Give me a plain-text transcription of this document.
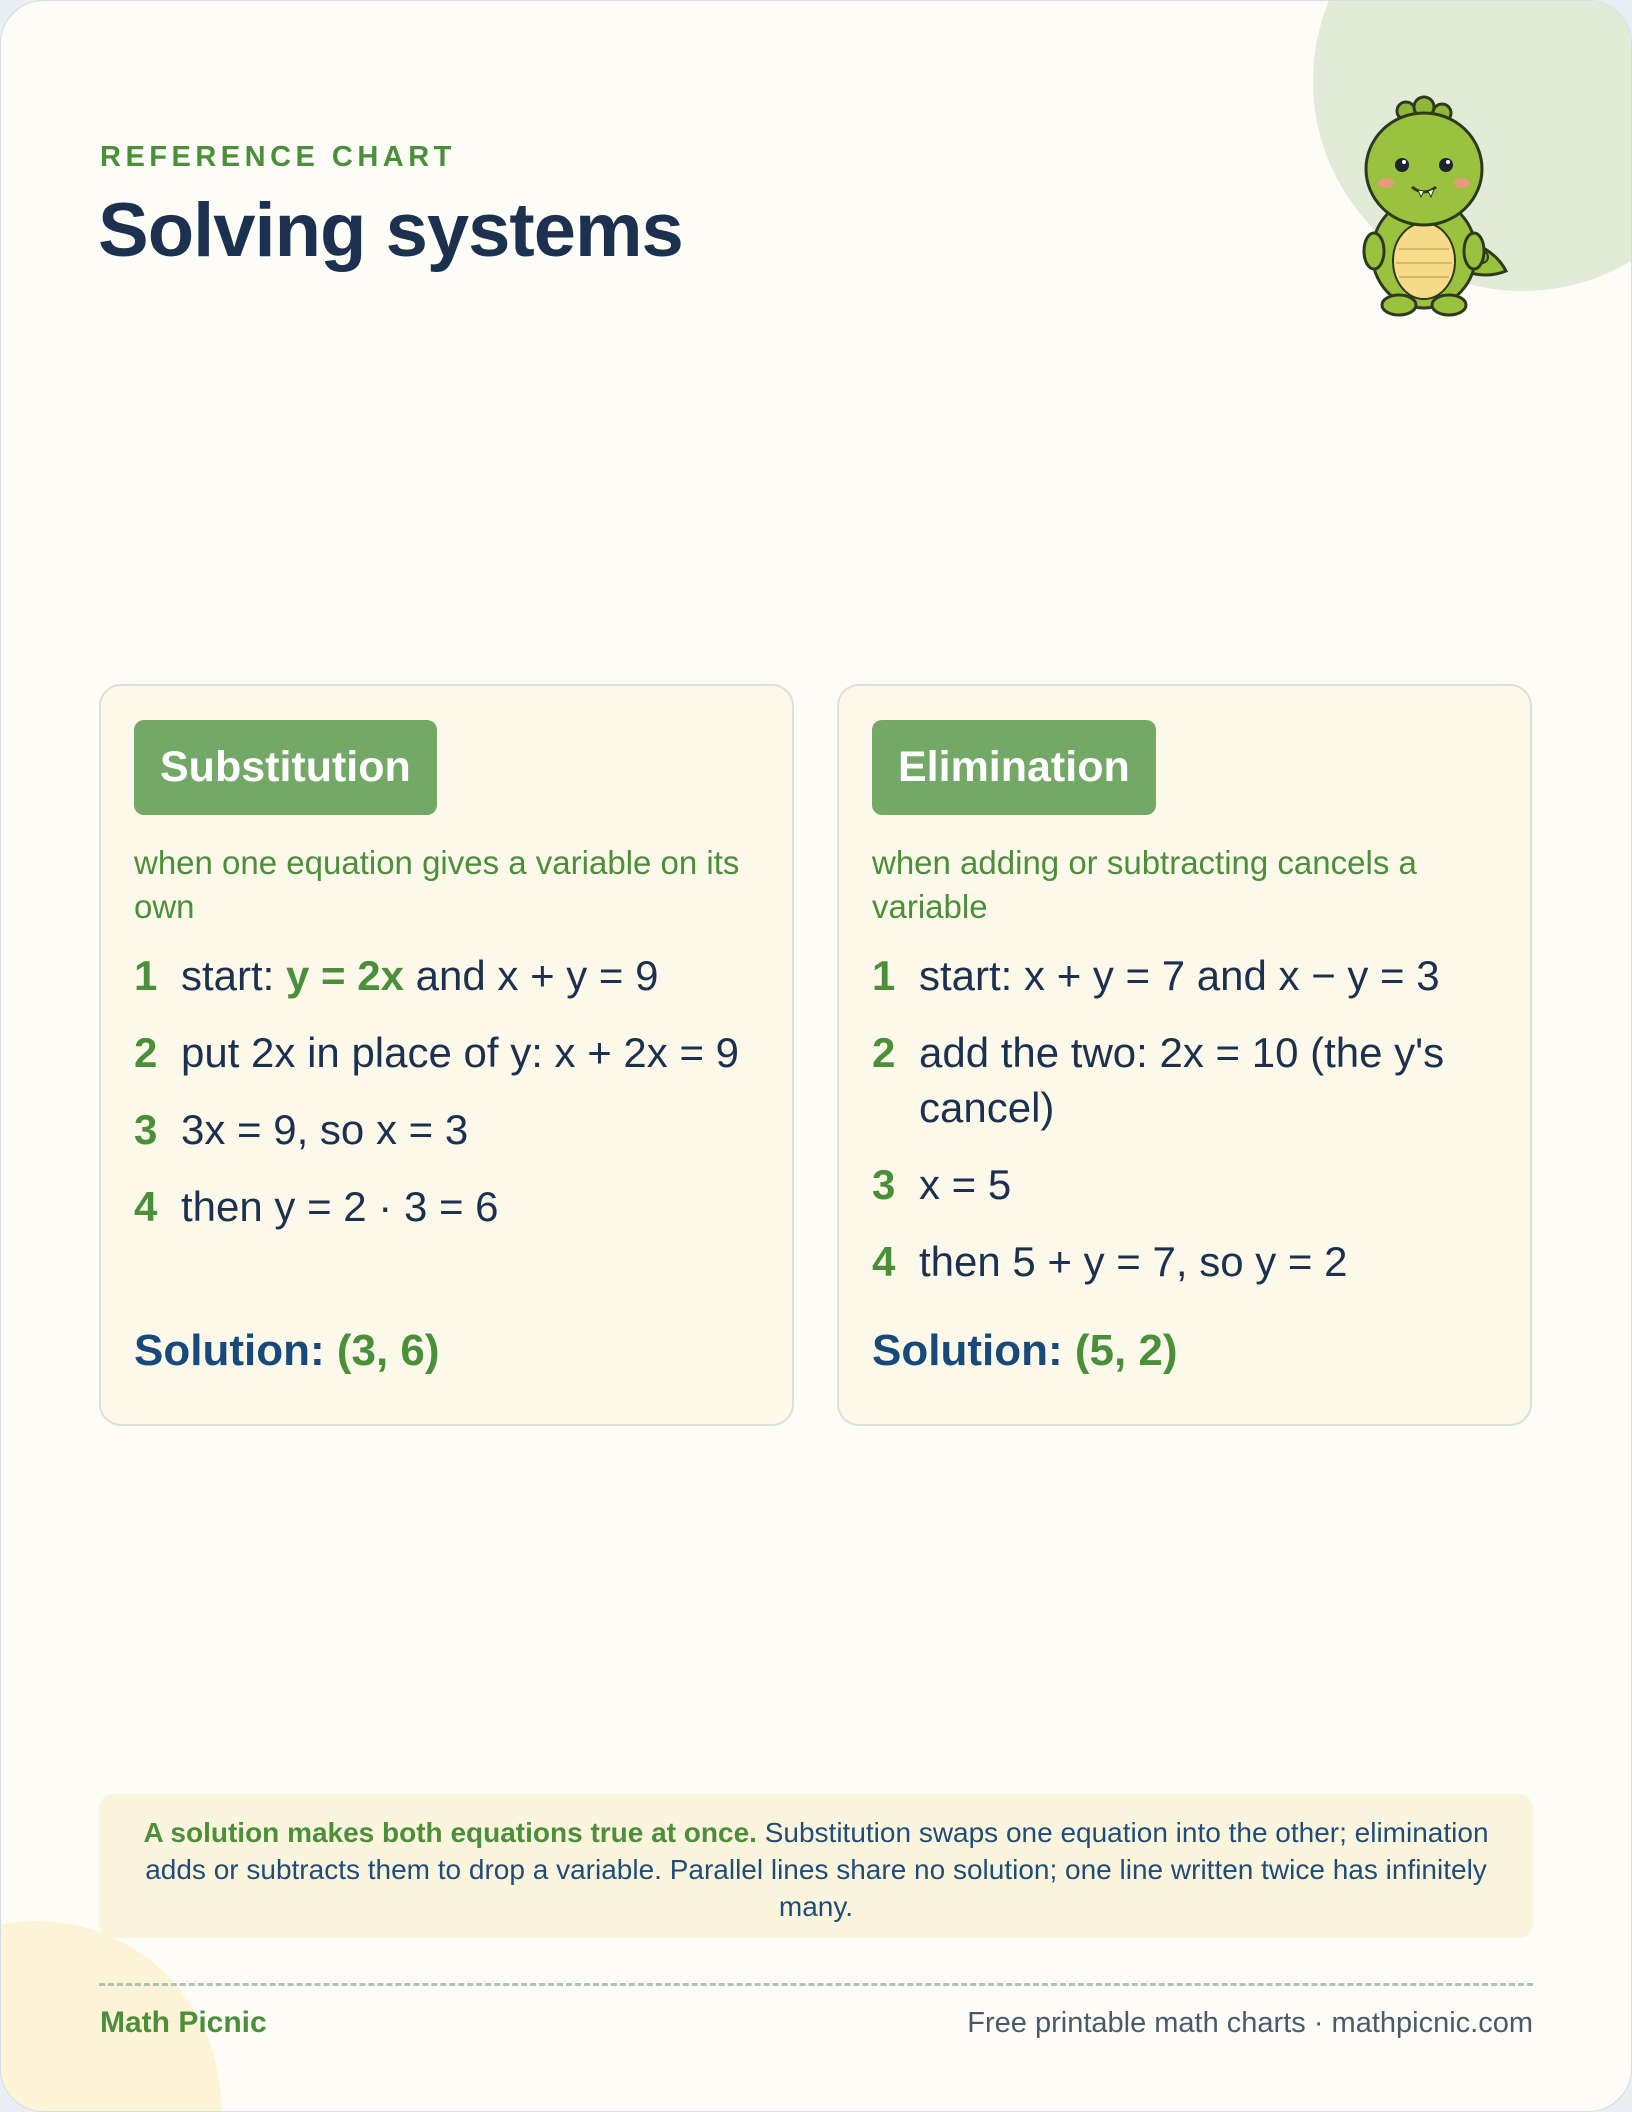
REFERENCE CHART
Solving systems
Substitution
when one equation gives a variable on its own
1 start: y = 2x and x + y = 9
2 put 2x in place of y: x + 2x = 9
3 3x = 9, so x = 3
4 then y = 2 · 3 = 6
Solution: (3, 6)
Elimination
when adding or subtracting cancels a variable
1 start: x + y = 7 and x − y = 3
2 add the two: 2x = 10 (the y's cancel)
3 x = 5
4 then 5 + y = 7, so y = 2
Solution: (5, 2)
A solution makes both equations true at once. Substitution swaps one equation into the other; elimination adds or subtracts them to drop a variable. Parallel lines share no solution; one line written twice has infinitely many.
Math Picnic	Free printable math charts · mathpicnic.com
